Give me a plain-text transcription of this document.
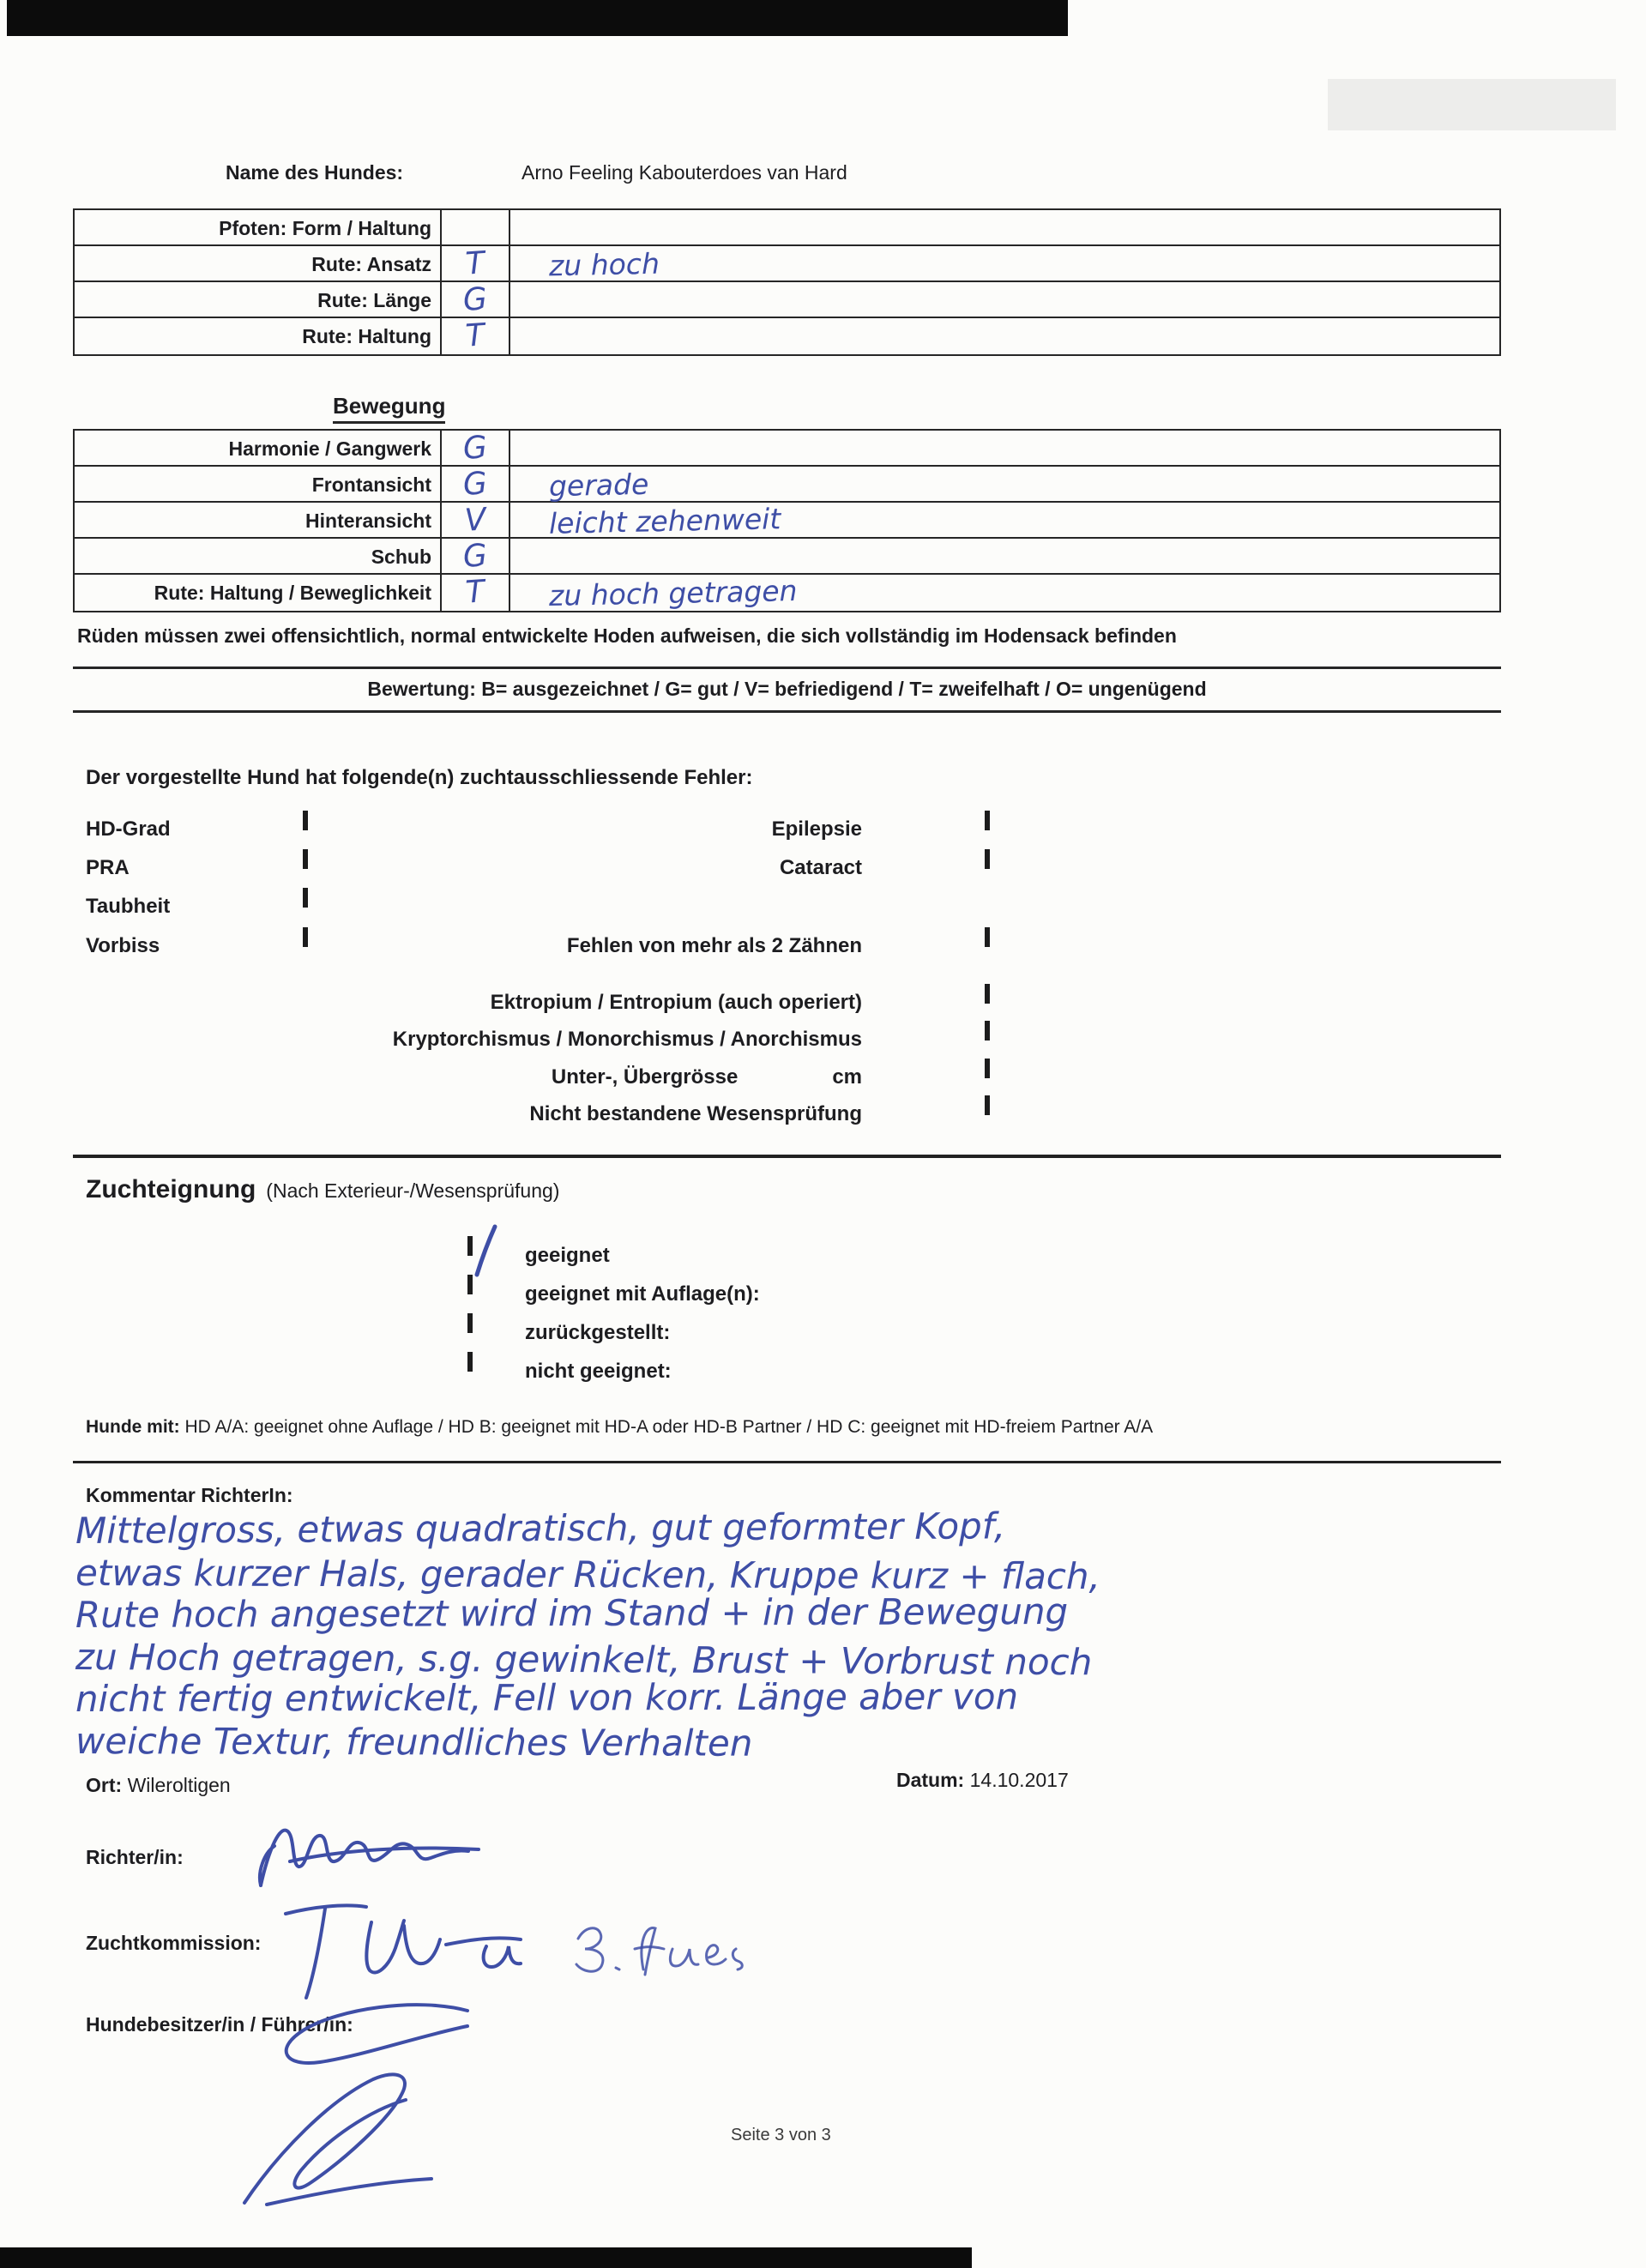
Name des Hundes:	Arno Feeling Kabouterdoes van Hard
Pfoten: Form / Haltung
Rute: Ansatz	T	zu hoch
Rute: Länge G
Rute: Haltung	T
Bewegung
Harmonie / Gangwerk G
Frontansicht G	gerade
Hinteransicht	V	leicht zehenweit
Schub G
Rute: Haltung / Beweglichkeit	T	zu hoch getragen
Rüden müssen zwei offensichtlich, normal entwickelte Hoden aufweisen, die sich vollständig im Hodensack befinden
Bewertung: B= ausgezeichnet / G= gut / V= befriedigend / T= zweifelhaft / O= ungenügend
Der vorgestellte Hund hat folgende(n) zuchtausschliessende Fehler:
HD-Grad	Epilepsie
PRA	Cataract
Taubheit
Vorbiss	Fehlen von mehr als 2 Zähnen
Ektropium / Entropium (auch operiert)
Kryptorchismus / Monorchismus / Anorchismus
Unter-, Übergrösse	cm
Nicht bestandene Wesensprüfung
Zuchteignung (Nach Exterieur-/Wesensprüfung)
geeignet
geeignet mit Auflage(n):
zurückgestellt:
nicht geeignet:
Hunde mit: HD A/A: geeignet ohne Auflage / HD B: geeignet mit HD-A oder HD-B Partner / HD C: geeignet mit HD-freiem Partner A/A
Kommentar RichterIn:
Mittelgross, etwas quadratisch, gut geformter Kopf,
etwas kurzer Hals, gerader Rücken, Kruppe kurz + flach,
Rute hoch angesetzt wird im Stand + in der Bewegung
zu Hoch getragen, s.g. gewinkelt, Brust + Vorbrust noch
nicht fertig entwickelt, Fell von korr. Länge aber von
weiche Textur, freundliches Verhalten
Ort: Wileroltigen	Datum: 14.10.2017
Richter/in:
Zuchtkommission:
Hundebesitzer/in / Führer/in:
Seite 3 von 3
